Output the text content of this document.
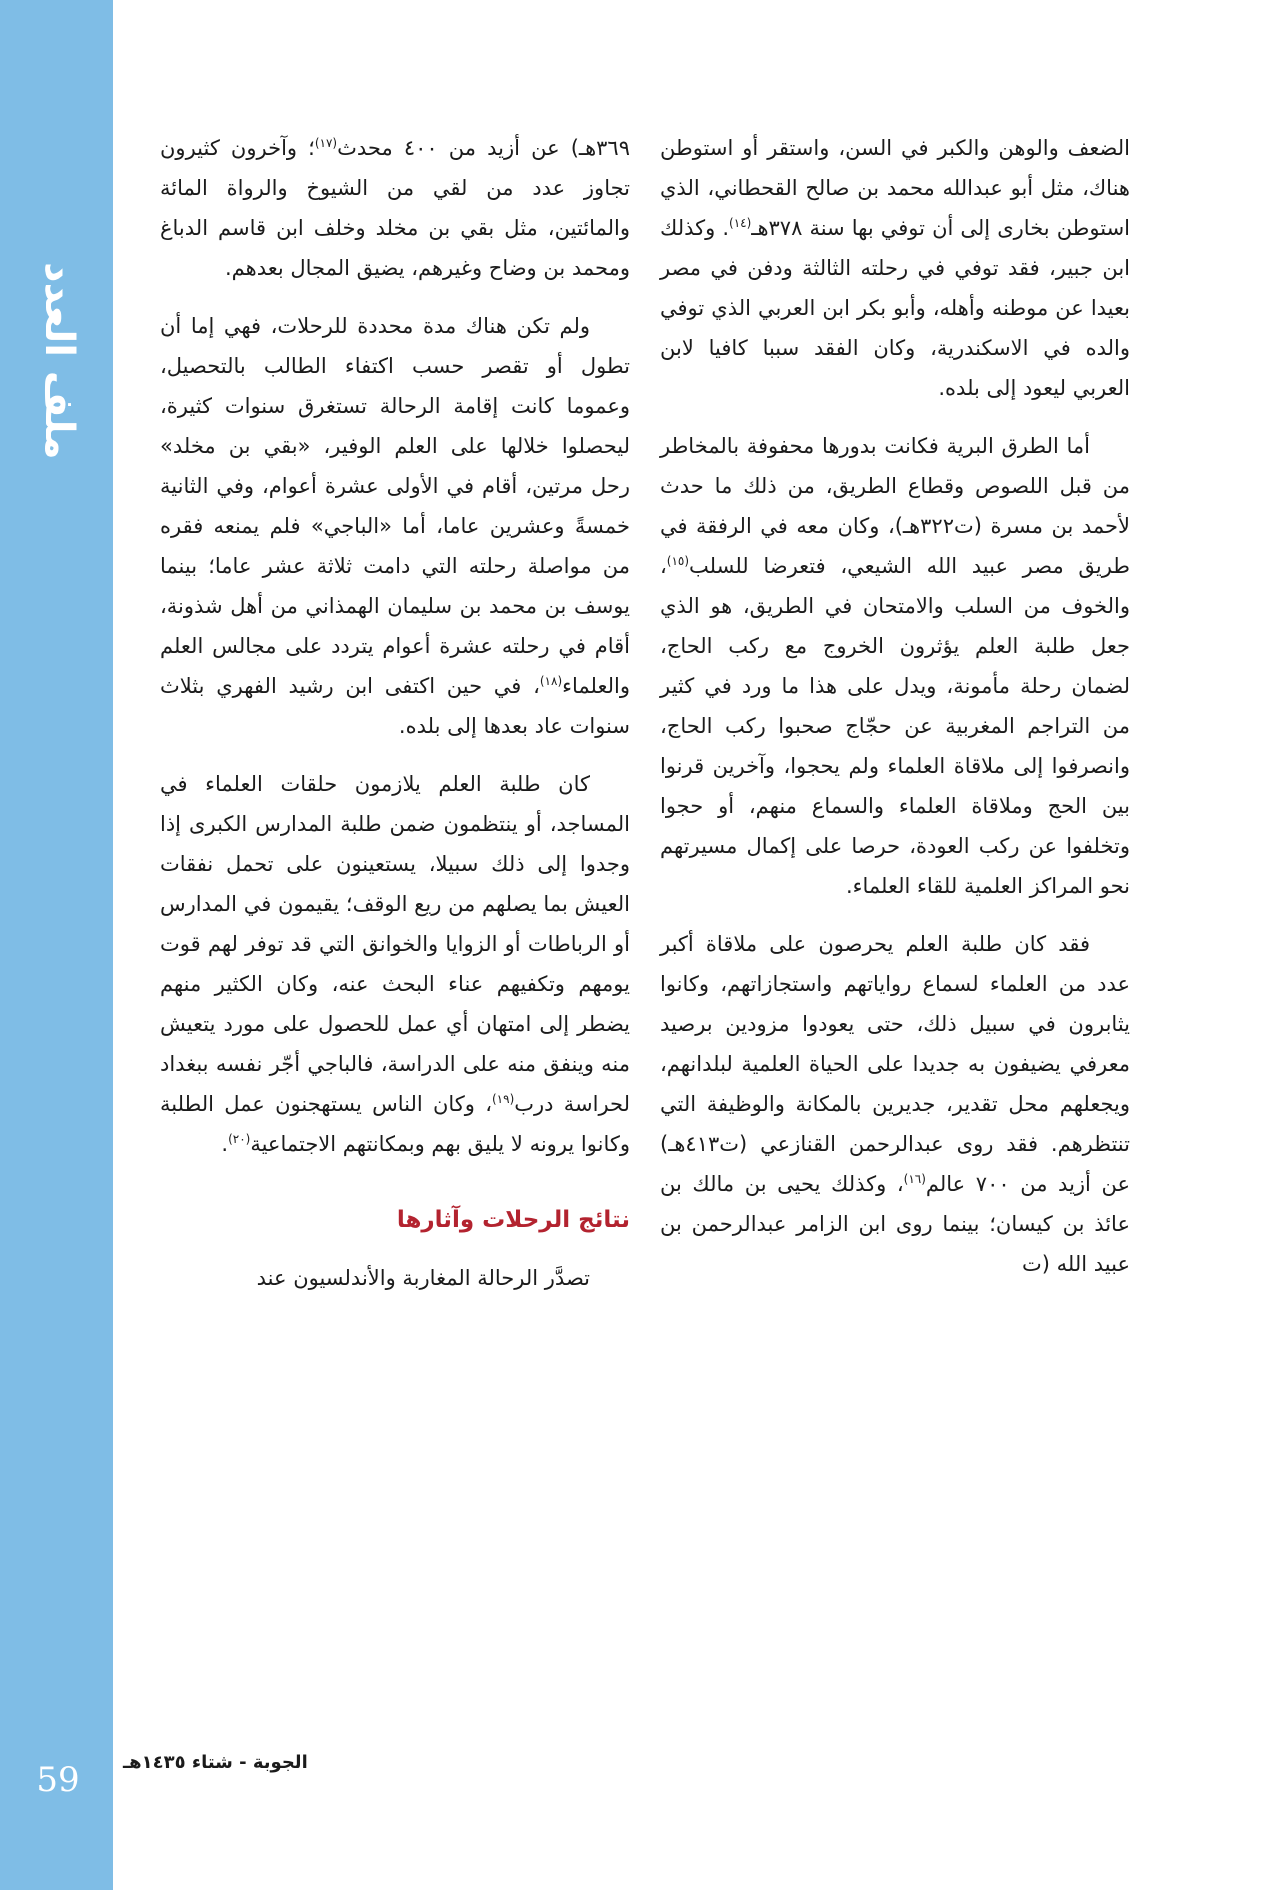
ملف العدد
59

الضعف والوهن والكبر في السن، واستقر أو استوطن هناك، مثل أبو عبدالله محمد بن صالح القحطاني، الذي استوطن بخارى إلى أن توفي بها سنة ٣٧٨هـ$^{(١٤)}$. وكذلك ابن جبير، فقد توفي في رحلته الثالثة ودفن في مصر بعيدا عن موطنه وأهله، وأبو بكر ابن العربي الذي توفي والده في الاسكندرية، وكان الفقد سببا كافيا لابن العربي ليعود إلى بلده.

أما الطرق البرية فكانت بدورها محفوفة بالمخاطر من قبل اللصوص وقطاع الطريق، من ذلك ما حدث لأحمد بن مسرة (ت٣٢٢هـ)، وكان معه في الرفقة في طريق مصر عبيد الله الشيعي، فتعرضا للسلب$^{(١٥)}$، والخوف من السلب والامتحان في الطريق، هو الذي جعل طلبة العلم يؤثرون الخروج مع ركب الحاج، لضمان رحلة مأمونة، ويدل على هذا ما ورد في كثير من التراجم المغربية عن حجّاج صحبوا ركب الحاج، وانصرفوا إلى ملاقاة العلماء ولم يحجوا، وآخرين قرنوا بين الحج وملاقاة العلماء والسماع منهم، أو حجوا وتخلفوا عن ركب العودة، حرصا على إكمال مسيرتهم نحو المراكز العلمية للقاء العلماء.

فقد كان طلبة العلم يحرصون على ملاقاة أكبر عدد من العلماء لسماع رواياتهم واستجازاتهم، وكانوا يثابرون في سبيل ذلك، حتى يعودوا مزودين برصيد معرفي يضيفون به جديدا على الحياة العلمية لبلدانهم، ويجعلهم محل تقدير، جديرين بالمكانة والوظيفة التي تنتظرهم. فقد روى عبدالرحمن القنازعي (ت٤١٣هـ) عن أزيد من ٧٠٠ عالم$^{(١٦)}$، وكذلك يحيى بن مالك بن عائذ بن كيسان؛ بينما روى ابن الزامر عبدالرحمن بن عبيد الله (ت

٣٦٩هـ) عن أزيد من ٤٠٠ محدث$^{(١٧)}$؛ وآخرون كثيرون تجاوز عدد من لقي من الشيوخ والرواة المائة والمائتين، مثل بقي بن مخلد وخلف ابن قاسم الدباغ ومحمد بن وضاح وغيرهم، يضيق المجال بعدهم.

ولم تكن هناك مدة محددة للرحلات، فهي إما أن تطول أو تقصر حسب اكتفاء الطالب بالتحصيل، وعموما كانت إقامة الرحالة تستغرق سنوات كثيرة، ليحصلوا خلالها على العلم الوفير، «بقي بن مخلد» رحل مرتين، أقام في الأولى عشرة أعوام، وفي الثانية خمسةً وعشرين عاما، أما «الباجي» فلم يمنعه فقره من مواصلة رحلته التي دامت ثلاثة عشر عاما؛ بينما يوسف بن محمد بن سليمان الهمذاني من أهل شذونة، أقام في رحلته عشرة أعوام يتردد على مجالس العلم والعلماء$^{(١٨)}$، في حين اكتفى ابن رشيد الفهري بثلاث سنوات عاد بعدها إلى بلده.

كان طلبة العلم يلازمون حلقات العلماء في المساجد، أو ينتظمون ضمن طلبة المدارس الكبرى إذا وجدوا إلى ذلك سبيلا، يستعينون على تحمل نفقات العيش بما يصلهم من ريع الوقف؛ يقيمون في المدارس أو الرباطات أو الزوايا والخوانق التي قد توفر لهم قوت يومهم وتكفيهم عناء البحث عنه، وكان الكثير منهم يضطر إلى امتهان أي عمل للحصول على مورد يتعيش منه وينفق منه على الدراسة، فالباجي أجّر نفسه ببغداد لحراسة درب$^{(١٩)}$، وكان الناس يستهجنون عمل الطلبة وكانوا يرونه لا يليق بهم وبمكانتهم الاجتماعية$^{(٢٠)}$.

نتائج الرحلات وآثارها

تصدَّر الرحالة المغاربة والأندلسيون عند

الجوبة - شتاء ١٤٣٥هـ
